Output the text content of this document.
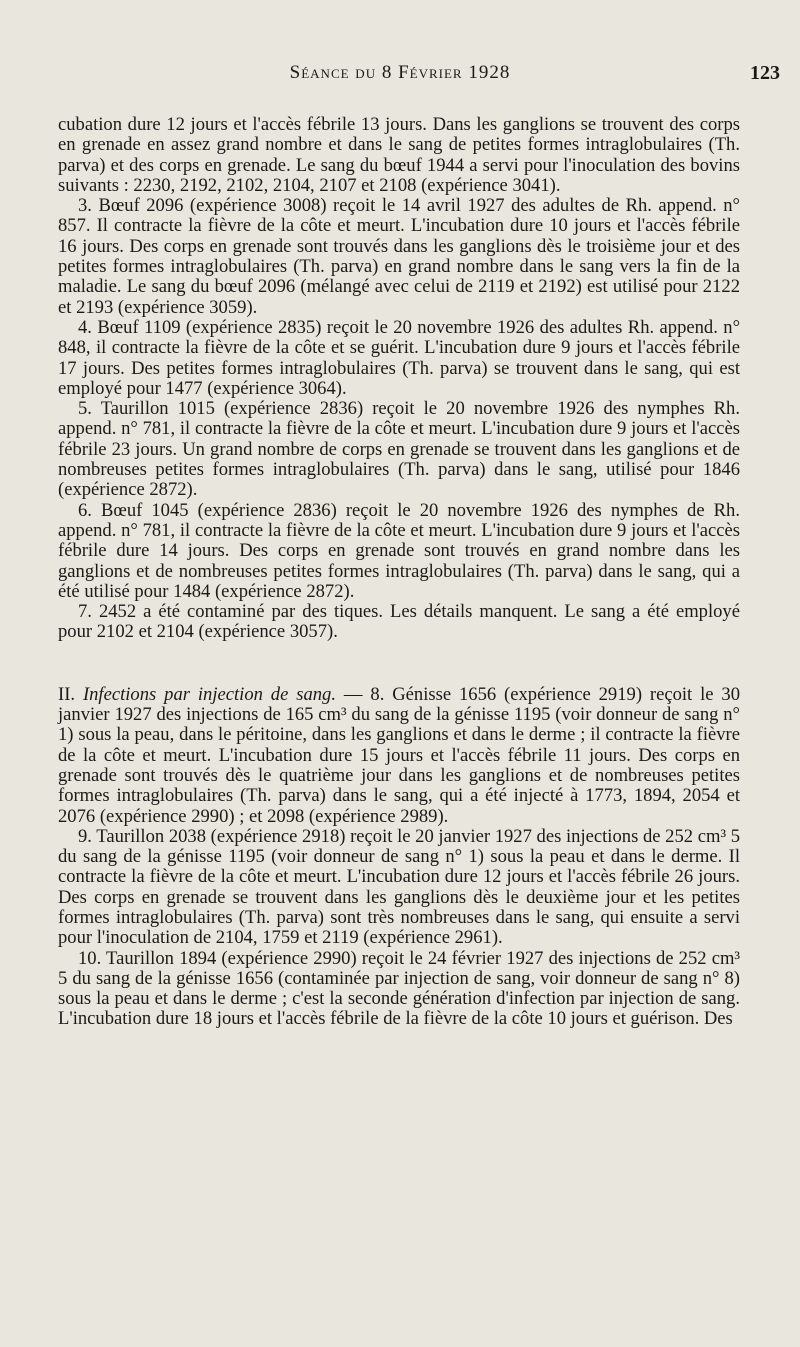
Séance du 8 Février 1928	123

cubation dure 12 jours et l'accès fébrile 13 jours. Dans les ganglions se trouvent des corps en grenade en assez grand nombre et dans le sang de petites formes intraglobulaires (Th. parva) et des corps en grenade. Le sang du bœuf 1944 a servi pour l'inoculation des bovins suivants : 2230, 2192, 2102, 2104, 2107 et 2108 (expérience 3041).

3. Bœuf 2096 (expérience 3008) reçoit le 14 avril 1927 des adultes de Rh. append. n° 857. Il contracte la fièvre de la côte et meurt. L'incubation dure 10 jours et l'accès fébrile 16 jours. Des corps en grenade sont trouvés dans les ganglions dès le troisième jour et des petites formes intraglobulaires (Th. parva) en grand nombre dans le sang vers la fin de la maladie. Le sang du bœuf 2096 (mélangé avec celui de 2119 et 2192) est utilisé pour 2122 et 2193 (expérience 3059).

4. Bœuf 1109 (expérience 2835) reçoit le 20 novembre 1926 des adultes Rh. append. n° 848, il contracte la fièvre de la côte et se guérit. L'incubation dure 9 jours et l'accès fébrile 17 jours. Des petites formes intraglobulaires (Th. parva) se trouvent dans le sang, qui est employé pour 1477 (expérience 3064).

5. Taurillon 1015 (expérience 2836) reçoit le 20 novembre 1926 des nymphes Rh. append. n° 781, il contracte la fièvre de la côte et meurt. L'incubation dure 9 jours et l'accès fébrile 23 jours. Un grand nombre de corps en grenade se trouvent dans les ganglions et de nombreuses petites formes intraglobulaires (Th. parva) dans le sang, utilisé pour 1846 (expérience 2872).

6. Bœuf 1045 (expérience 2836) reçoit le 20 novembre 1926 des nymphes de Rh. append. n° 781, il contracte la fièvre de la côte et meurt. L'incubation dure 9 jours et l'accès fébrile dure 14 jours. Des corps en grenade sont trouvés en grand nombre dans les ganglions et de nombreuses petites formes intraglobulaires (Th. parva) dans le sang, qui a été utilisé pour 1484 (expérience 2872).

7. 2452 a été contaminé par des tiques. Les détails manquent. Le sang a été employé pour 2102 et 2104 (expérience 3057).

II. Infections par injection de sang. — 8. Génisse 1656 (expérience 2919) reçoit le 30 janvier 1927 des injections de 165 cm³ du sang de la génisse 1195 (voir donneur de sang n° 1) sous la peau, dans le péritoine, dans les ganglions et dans le derme ; il contracte la fièvre de la côte et meurt. L'incubation dure 15 jours et l'accès fébrile 11 jours. Des corps en grenade sont trouvés dès le quatrième jour dans les ganglions et de nombreuses petites formes intraglobulaires (Th. parva) dans le sang, qui a été injecté à 1773, 1894, 2054 et 2076 (expérience 2990) ; et 2098 (expérience 2989).

9. Taurillon 2038 (expérience 2918) reçoit le 20 janvier 1927 des injections de 252 cm³ 5 du sang de la génisse 1195 (voir donneur de sang n° 1) sous la peau et dans le derme. Il contracte la fièvre de la côte et meurt. L'incubation dure 12 jours et l'accès fébrile 26 jours. Des corps en grenade se trouvent dans les ganglions dès le deuxième jour et les petites formes intraglobulaires (Th. parva) sont très nombreuses dans le sang, qui ensuite a servi pour l'inoculation de 2104, 1759 et 2119 (expérience 2961).

10. Taurillon 1894 (expérience 2990) reçoit le 24 février 1927 des injections de 252 cm³ 5 du sang de la génisse 1656 (contaminée par injection de sang, voir donneur de sang n° 8) sous la peau et dans le derme ; c'est la seconde génération d'infection par injection de sang. L'incubation dure 18 jours et l'accès fébrile de la fièvre de la côte 10 jours et guérison. Des
